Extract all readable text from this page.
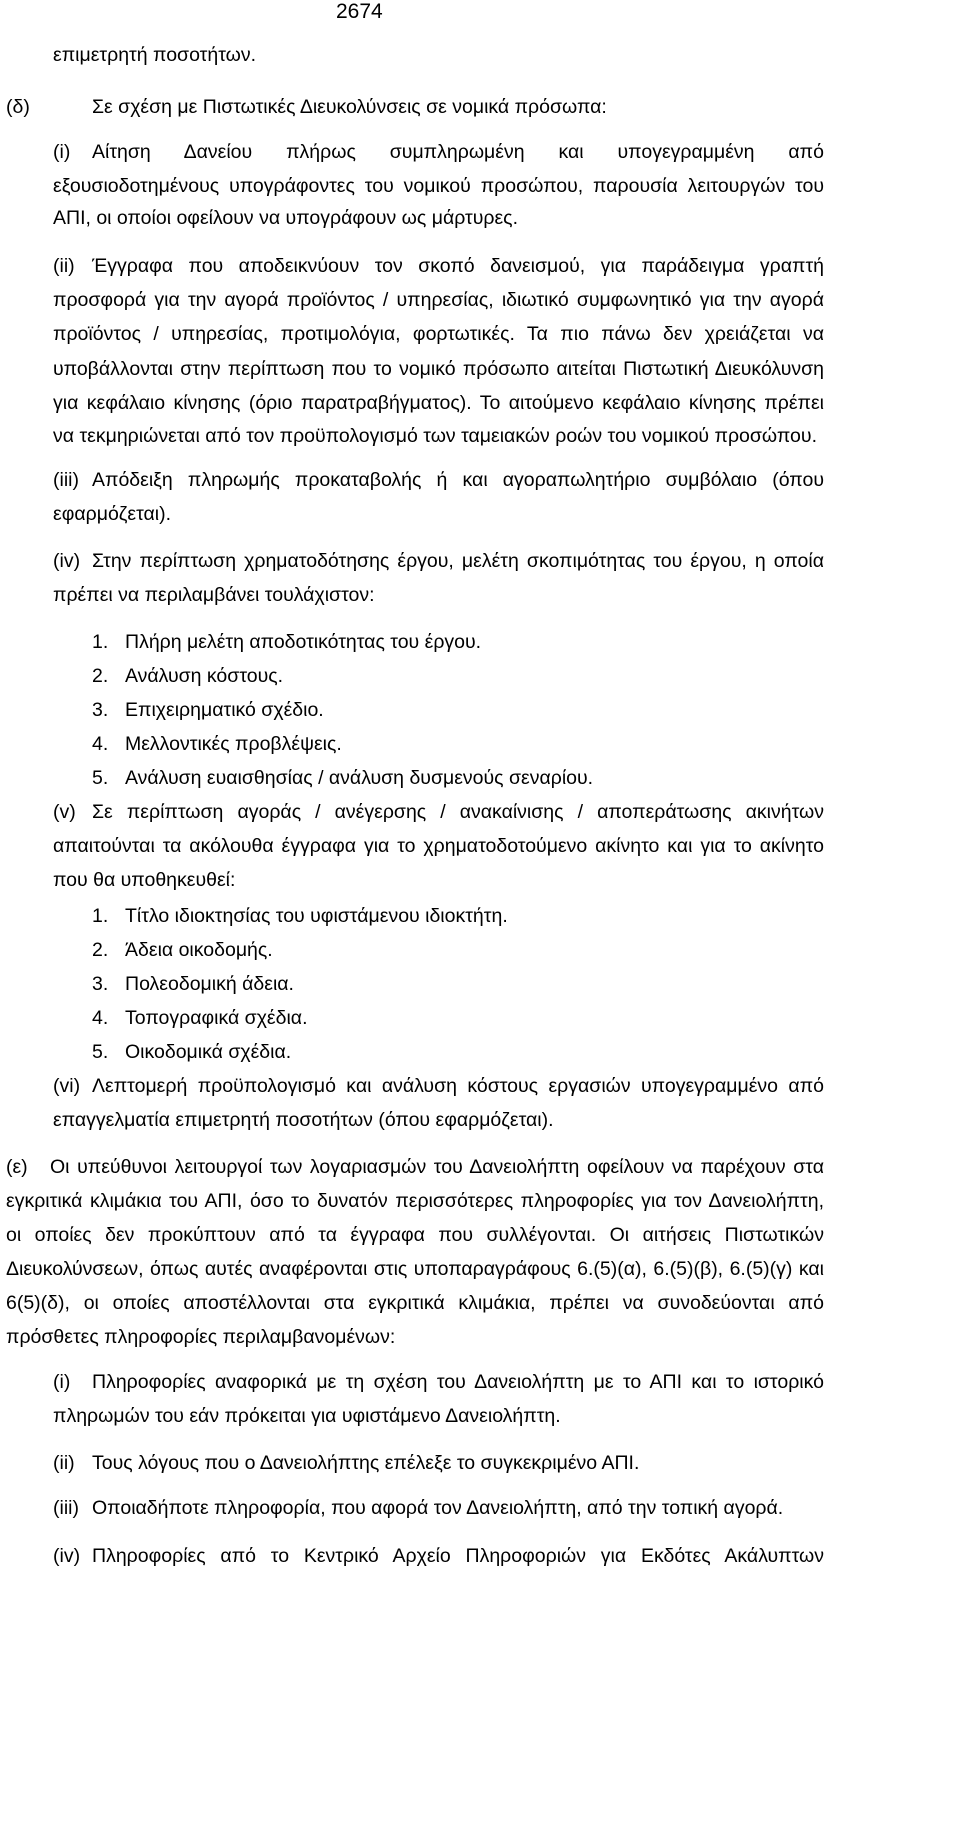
2674
επιμετρητή ποσοτήτων.
(δ)	Σε σχέση με Πιστωτικές Διευκολύνσεις σε νομικά πρόσωπα:
(i) Αίτηση Δανείου πλήρως συμπληρωμένη και υπογεγραμμένη από
εξουσιοδοτημένους υπογράφοντες του νομικού προσώπου, παρουσία λειτουργών του
ΑΠΙ, οι οποίοι οφείλουν να υπογράφουν ως μάρτυρες.
(ii) Έγγραφα που αποδεικνύουν τον σκοπό δανεισμού, για παράδειγμα γραπτή
προσφορά για την αγορά προϊόντος / υπηρεσίας, ιδιωτικό συμφωνητικό για την αγορά
προϊόντος / υπηρεσίας, προτιμολόγια, φορτωτικές. Τα πιο πάνω δεν χρειάζεται να
υποβάλλονται στην περίπτωση που το νομικό πρόσωπο αιτείται Πιστωτική Διευκόλυνση
για κεφάλαιο κίνησης (όριο παρατραβήγματος). Το αιτούμενο κεφάλαιο κίνησης πρέπει
να τεκμηριώνεται από τον προϋπολογισμό των ταμειακών ροών του νομικού προσώπου.
(iii) Απόδειξη πληρωμής προκαταβολής ή και αγοραπωλητήριο συμβόλαιο (όπου
εφαρμόζεται).
(iv) Στην περίπτωση χρηματοδότησης έργου, μελέτη σκοπιμότητας του έργου, η οποία
πρέπει να περιλαμβάνει τουλάχιστον:
1. Πλήρη μελέτη αποδοτικότητας του έργου.
2. Ανάλυση κόστους.
3. Επιχειρηματικό σχέδιο.
4. Μελλοντικές προβλέψεις.
5. Ανάλυση ευαισθησίας / ανάλυση δυσμενούς σεναρίου.
(v) Σε περίπτωση αγοράς / ανέγερσης / ανακαίνισης / αποπεράτωσης ακινήτων
απαιτούνται τα ακόλουθα έγγραφα για το χρηματοδοτούμενο ακίνητο και για το ακίνητο
που θα υποθηκευθεί:
1. Τίτλο ιδιοκτησίας του υφιστάμενου ιδιοκτήτη.
2. Άδεια οικοδομής.
3. Πολεοδομική άδεια.
4. Τοπογραφικά σχέδια.
5. Οικοδομικά σχέδια.
(vi) Λεπτομερή προϋπολογισμό και ανάλυση κόστους εργασιών υπογεγραμμένο από
επαγγελματία επιμετρητή ποσοτήτων (όπου εφαρμόζεται).
(ε) Οι υπεύθυνοι λειτουργοί των λογαριασμών του Δανειολήπτη οφείλουν να παρέχουν στα
εγκριτικά κλιμάκια του ΑΠΙ, όσο το δυνατόν περισσότερες πληροφορίες για τον Δανειολήπτη,
οι οποίες δεν προκύπτουν από τα έγγραφα που συλλέγονται. Οι αιτήσεις Πιστωτικών
Διευκολύνσεων, όπως αυτές αναφέρονται στις υποπαραγράφους 6.(5)(α), 6.(5)(β), 6.(5)(γ) και
6(5)(δ), οι οποίες αποστέλλονται στα εγκριτικά κλιμάκια, πρέπει να συνοδεύονται από
πρόσθετες πληροφορίες περιλαμβανομένων:
(i) Πληροφορίες αναφορικά με τη σχέση του Δανειολήπτη με το ΑΠΙ και το ιστορικό
πληρωμών του εάν πρόκειται για υφιστάμενο Δανειολήπτη.
(ii) Τους λόγους που ο Δανειολήπτης επέλεξε το συγκεκριμένο ΑΠΙ.
(iii) Οποιαδήποτε πληροφορία, που αφορά τον Δανειολήπτη, από την τοπική αγορά.
(iv) Πληροφορίες από το Κεντρικό Αρχείο Πληροφοριών για Εκδότες Ακάλυπτων
